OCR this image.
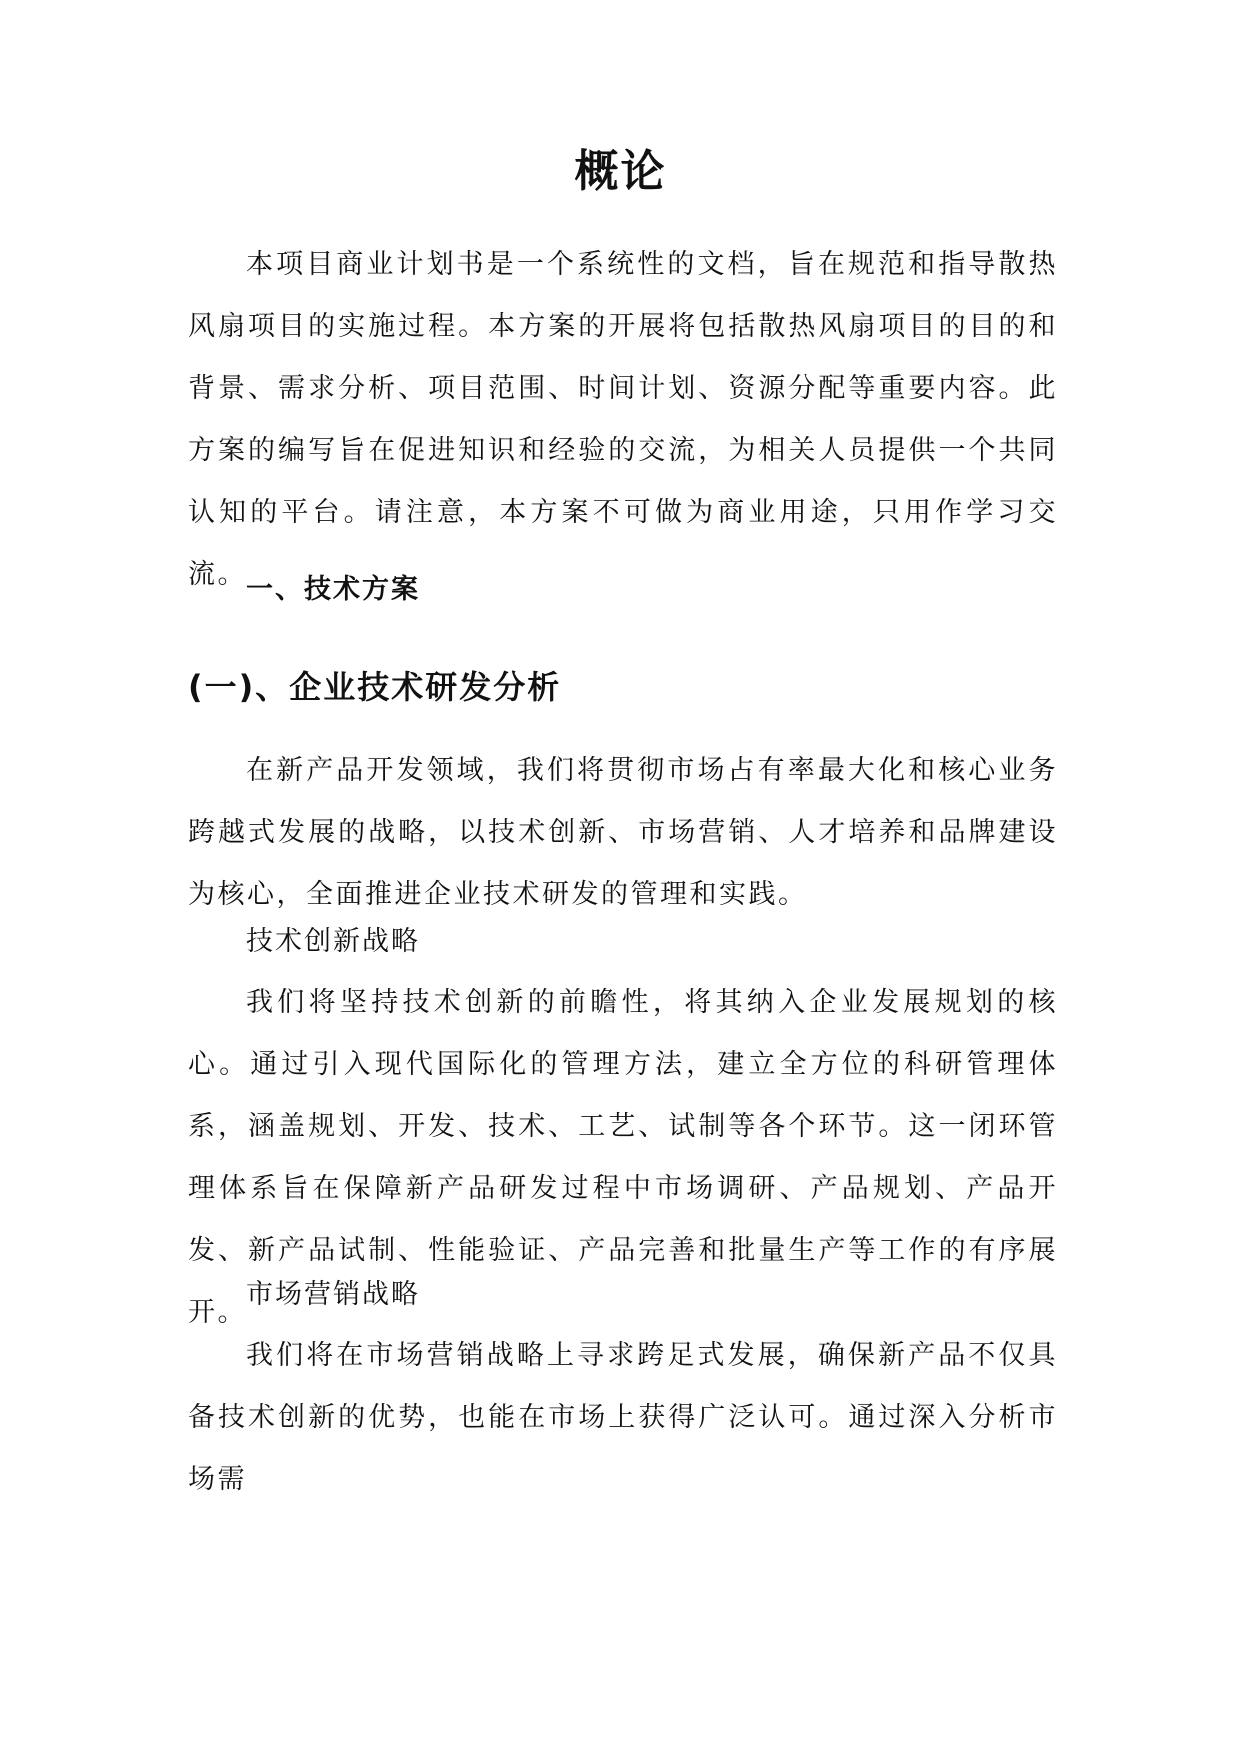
概论

本项目商业计划书是一个系统性的文档，旨在规范和指导散热风扇项目的实施过程。本方案的开展将包括散热风扇项目的目的和背景、需求分析、项目范围、时间计划、资源分配等重要内容。此方案的编写旨在促进知识和经验的交流，为相关人员提供一个共同认知的平台。请注意，本方案不可做为商业用途，只用作学习交流。 一、技术方案
(一)、企业技术研发分析

在新产品开发领域，我们将贯彻市场占有率最大化和核心业务跨越式发展的战略，以技术创新、市场营销、人才培养和品牌建设为核心，全面推进企业技术研发的管理和实践。

技术创新战略

我们将坚持技术创新的前瞻性，将其纳入企业发展规划的核心。通过引入现代国际化的管理方法，建立全方位的科研管理体系，涵盖规划、开发、技术、工艺、试制等各个环节。这一闭环管理体系旨在保障新产品研发过程中市场调研、产品规划、产品开发、新产品试制、性能验证、产品完善和批量生产等工作的有序展开。

市场营销战略

我们将在市场营销战略上寻求跨足式发展，确保新产品不仅具备技术创新的优势，也能在市场上获得广泛认可。通过深入分析市场需
